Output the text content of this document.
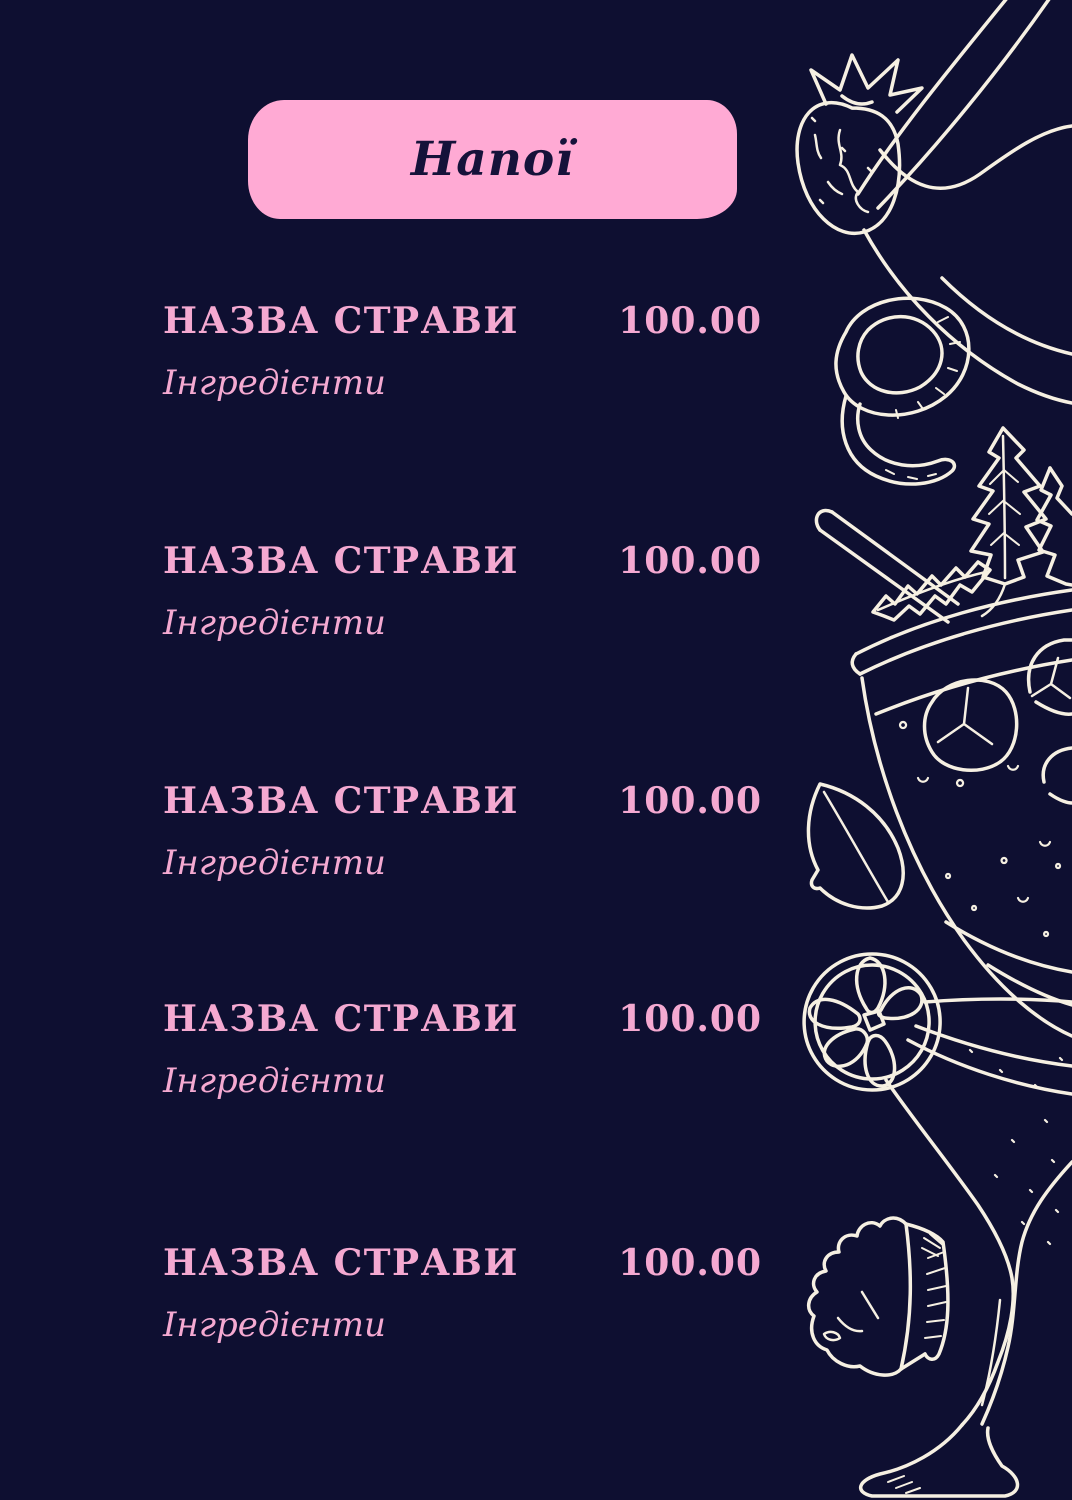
Напої
НАЗВА СТРАВИ	100.00

Інгредієнти

НАЗВА СТРАВИ	100.00

Інгредієнти

НАЗВА СТРАВИ	100.00

Інгредієнти

НАЗВА СТРАВИ	100.00

Інгредієнти

НАЗВА СТРАВИ	100.00

Інгредієнти
